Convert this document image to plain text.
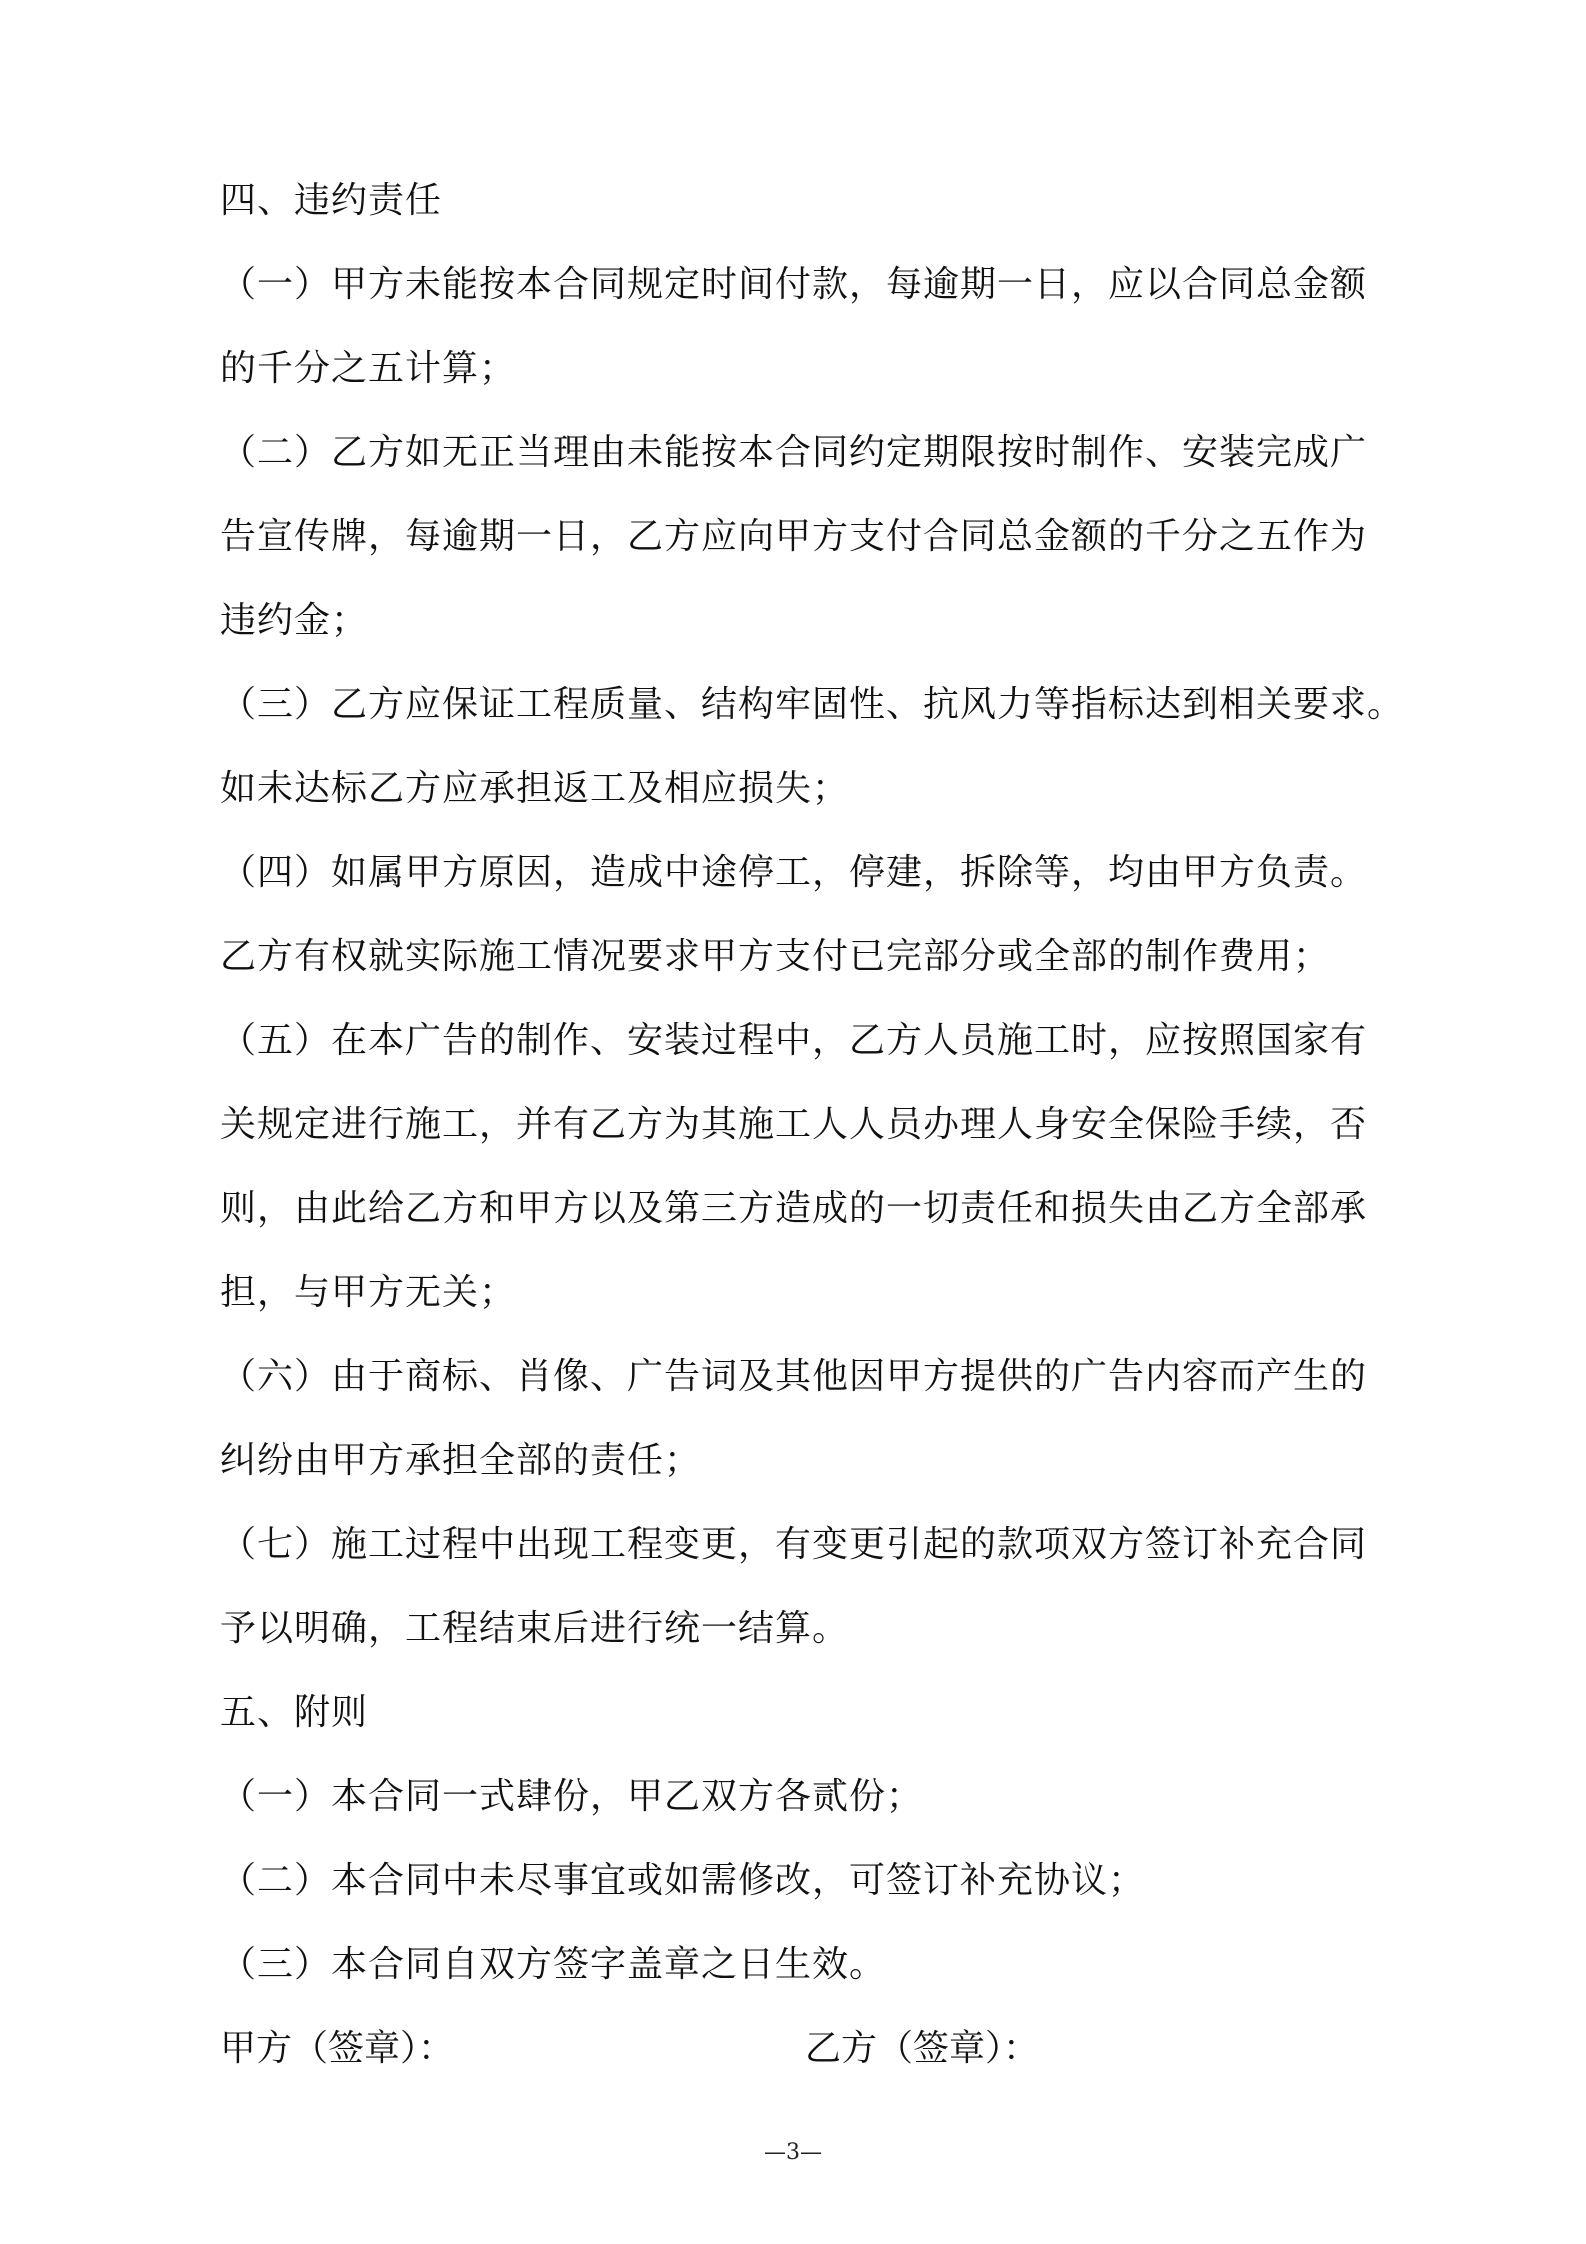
四、违约责任
（一）甲方未能按本合同规定时间付款，每逾期一日，应以合同总金额
的千分之五计算；
（二）乙方如无正当理由未能按本合同约定期限按时制作、安装完成广
告宣传牌，每逾期一日，乙方应向甲方支付合同总金额的千分之五作为
违约金；
（三）乙方应保证工程质量、结构牢固性、抗风力等指标达到相关要求。
如未达标乙方应承担返工及相应损失；
（四）如属甲方原因，造成中途停工，停建，拆除等，均由甲方负责。
乙方有权就实际施工情况要求甲方支付已完部分或全部的制作费用；
（五）在本广告的制作、安装过程中，乙方人员施工时，应按照国家有
关规定进行施工，并有乙方为其施工人人员办理人身安全保险手续，否
则，由此给乙方和甲方以及第三方造成的一切责任和损失由乙方全部承
担，与甲方无关；
（六）由于商标、肖像、广告词及其他因甲方提供的广告内容而产生的
纠纷由甲方承担全部的责任；
（七）施工过程中出现工程变更，有变更引起的款项双方签订补充合同
予以明确，工程结束后进行统一结算。
五、附则
（一）本合同一式肆份，甲乙双方各贰份；
（二）本合同中未尽事宜或如需修改，可签订补充协议；
（三）本合同自双方签字盖章之日生效。
甲方（签章）：	乙方（签章）：
—3—
